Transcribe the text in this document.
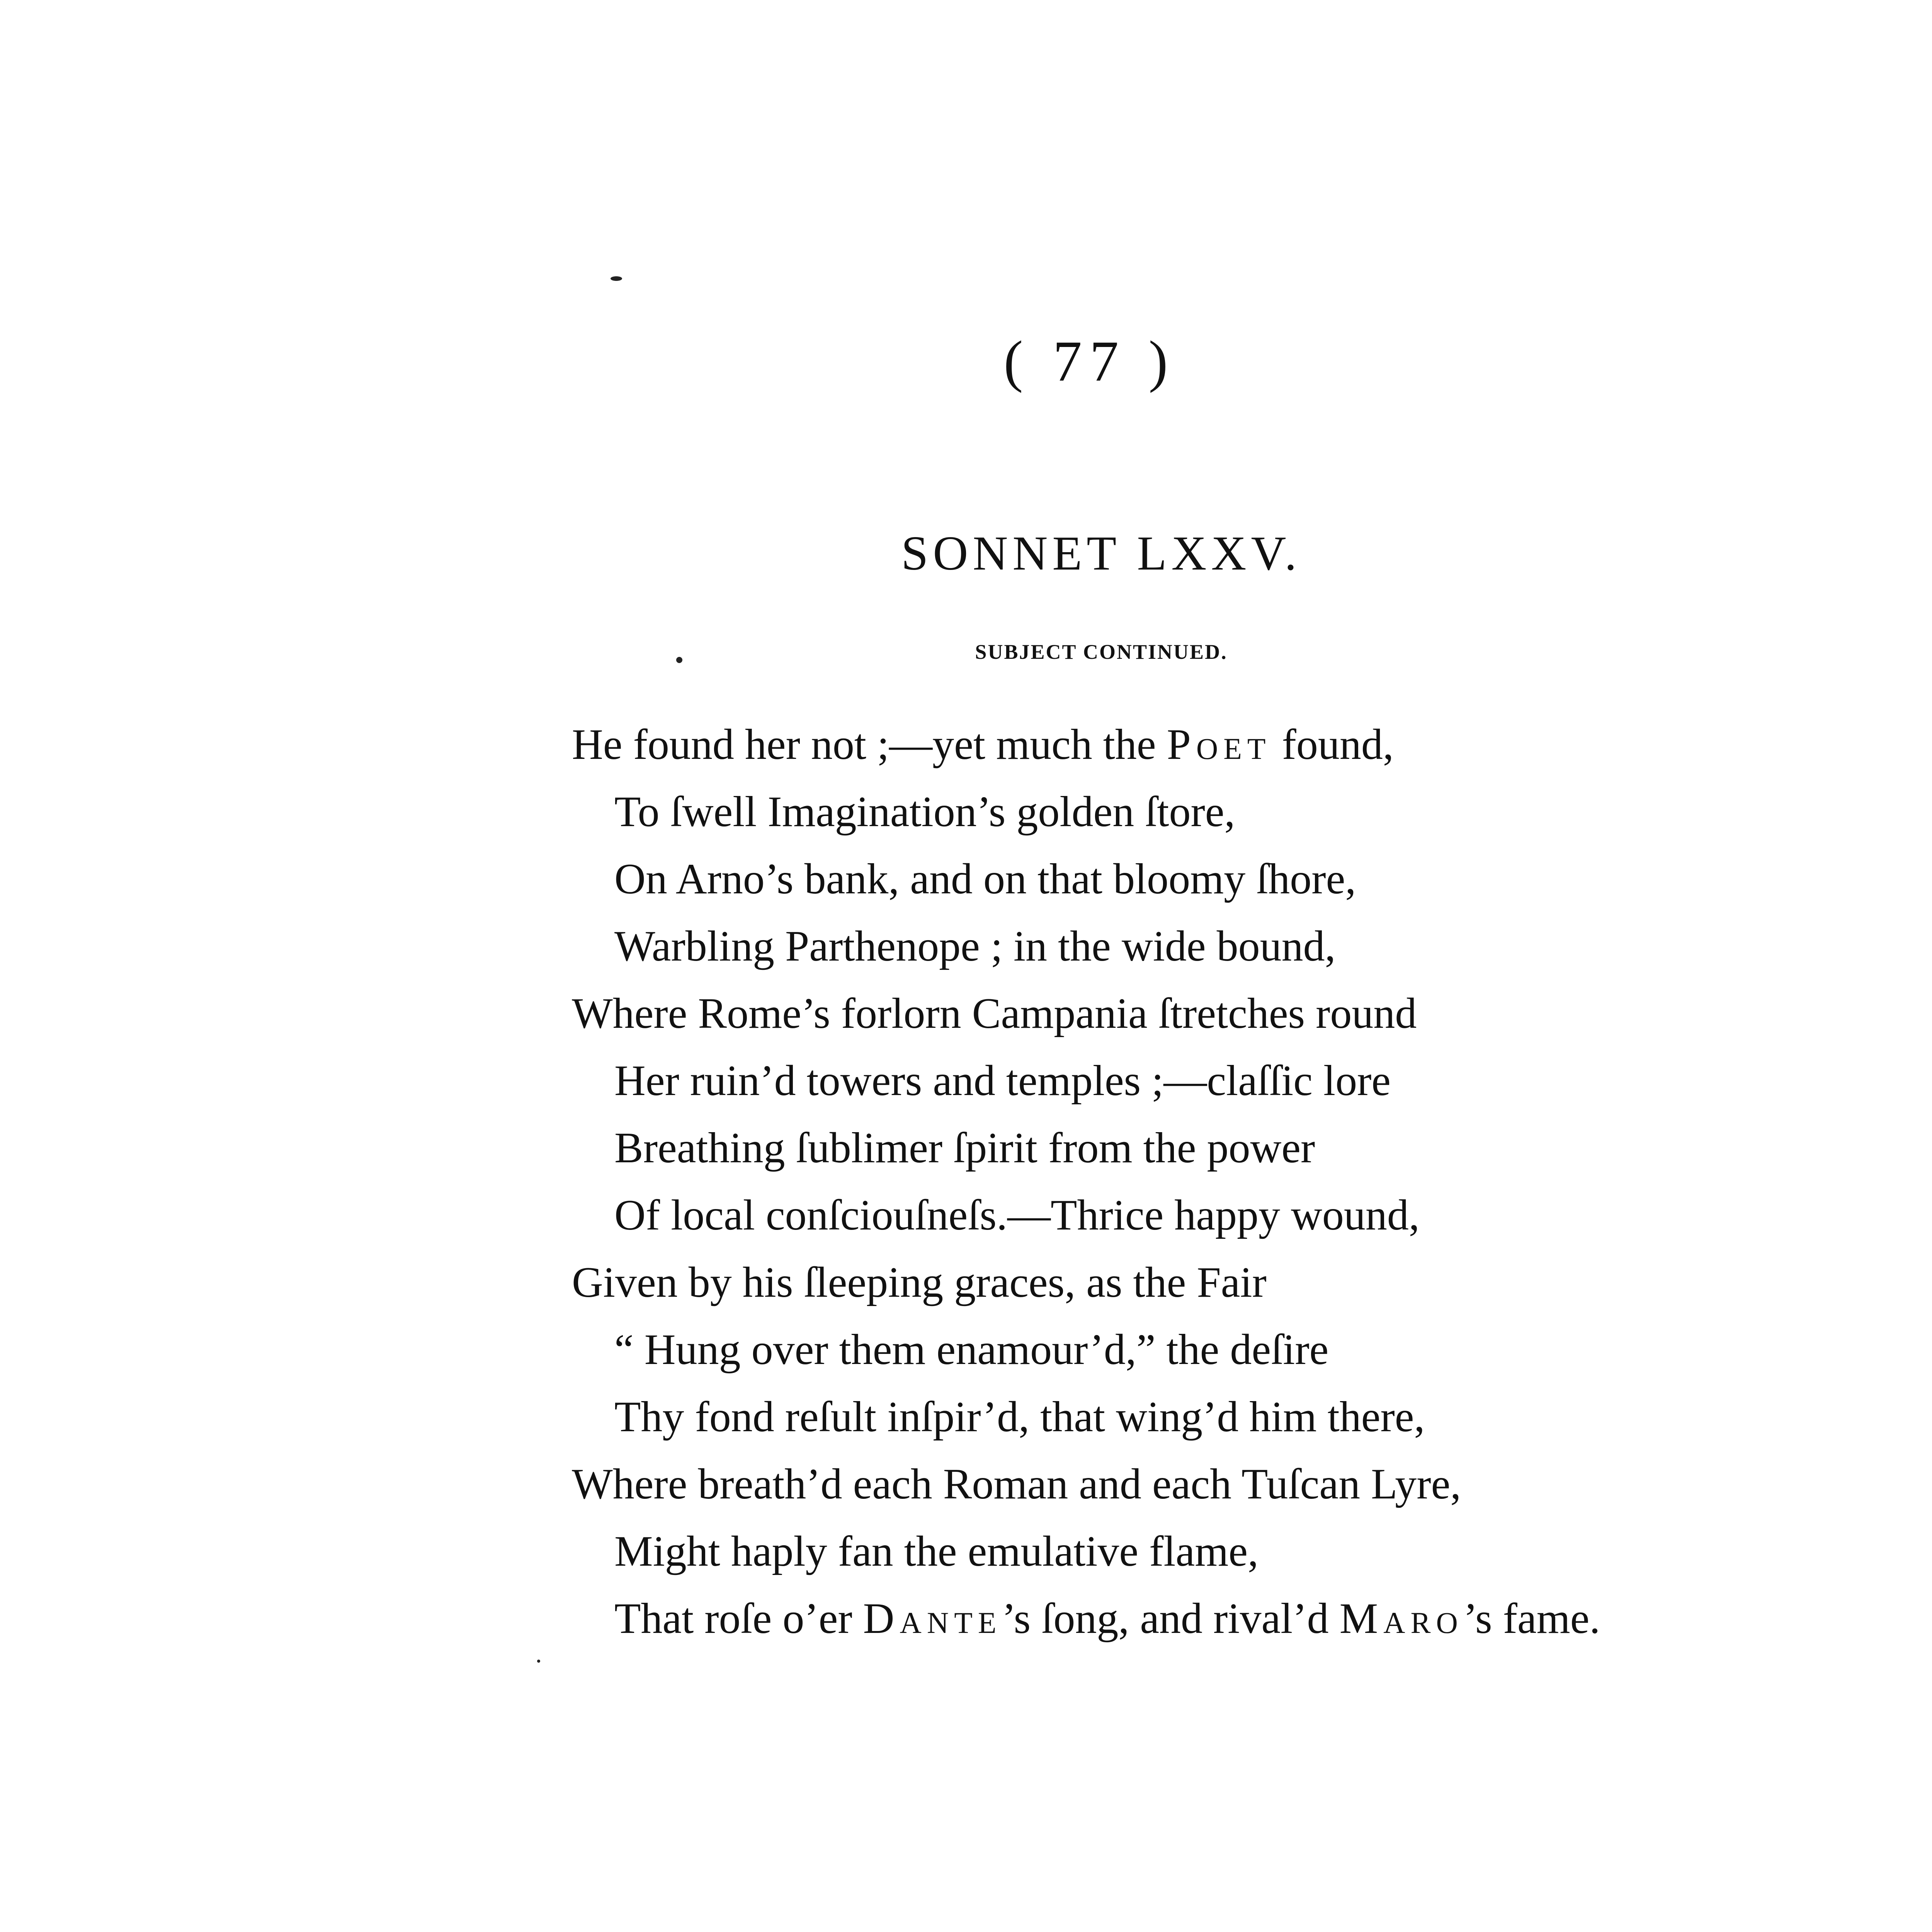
( 77 )
SONNET LXXV.
SUBJECT CONTINUED.
He found her not ;—yet much the Poet found,
To ſwell Imagination’s golden ſtore,
On Arno’s bank, and on that bloomy ſhore,
Warbling Parthenope ; in the wide bound,
Where Rome’s forlorn Campania ſtretches round
Her ruin’d towers and temples ;—claſſic lore
Breathing ſublimer ſpirit from the power
Of local conſciouſneſs.—Thrice happy wound,
Given by his ſleeping graces, as the Fair
“ Hung over them enamour’d,” the deſire
Thy fond reſult inſpir’d, that wing’d him there,
Where breath’d each Roman and each Tuſcan Lyre,
Might haply fan the emulative flame,
That roſe o’er Dante’s ſong, and rival’d Maro’s fame.
